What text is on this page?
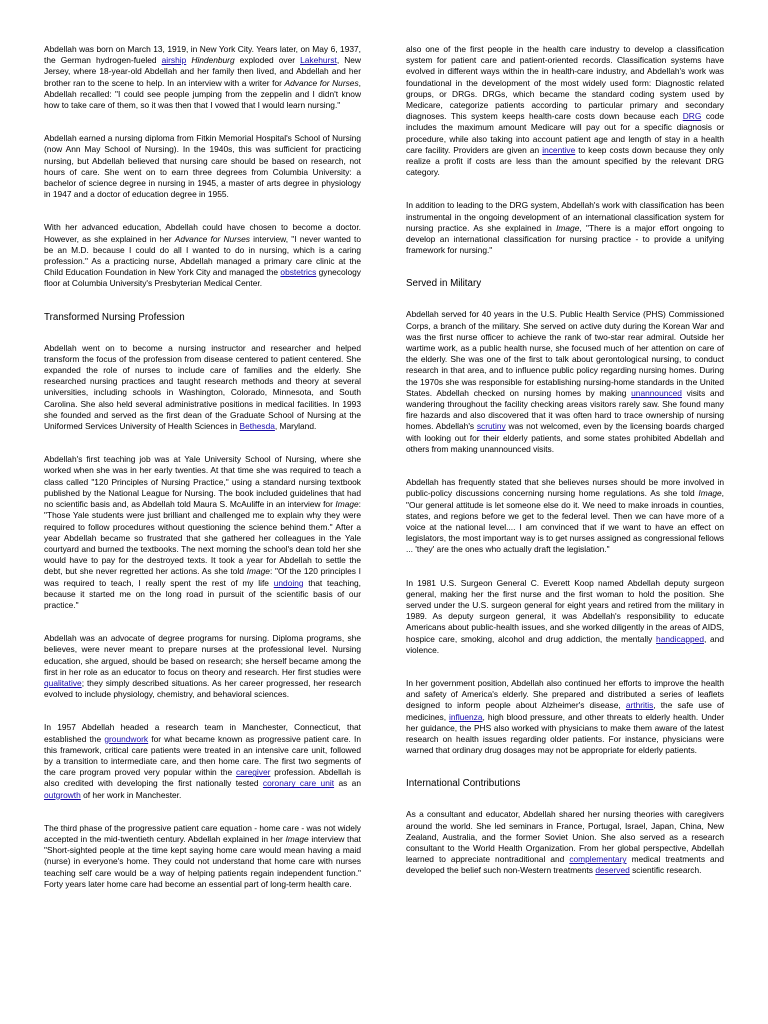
Abdellah was born on March 13, 1919, in New York City. Years later, on May 6, 1937, the German hydrogen-fueled airship Hindenburg exploded over Lakehurst, New Jersey, where 18-year-old Abdellah and her family then lived, and Abdellah and her brother ran to the scene to help. In an interview with a writer for Advance for Nurses, Abdellah recalled: "I could see people jumping from the zeppelin and I didn't know how to take care of them, so it was then that I vowed that I would learn nursing."

Abdellah earned a nursing diploma from Fitkin Memorial Hospital's School of Nursing (now Ann May School of Nursing). In the 1940s, this was sufficient for practicing nursing, but Abdellah believed that nursing care should be based on research, not hours of care. She went on to earn three degrees from Columbia University: a bachelor of science degree in nursing in 1945, a master of arts degree in physiology in 1947 and a doctor of education degree in 1955.

With her advanced education, Abdellah could have chosen to become a doctor. However, as she explained in her Advance for Nurses interview, "I never wanted to be an M.D. because I could do all I wanted to do in nursing, which is a caring profession." As a practicing nurse, Abdellah managed a primary care clinic at the Child Education Foundation in New York City and managed the obstetrics gynecology floor at Columbia University's Presbyterian Medical Center.

Transformed Nursing Profession

Abdellah went on to become a nursing instructor and researcher and helped transform the focus of the profession from disease centered to patient centered. She expanded the role of nurses to include care of families and the elderly. She researched nursing practices and taught research methods and theory at several universities, including schools in Washington, Colorado, Minnesota, and South Carolina. She also held several administrative positions in medical facilities. In 1993 she founded and served as the first dean of the Graduate School of Nursing at the Uniformed Services University of Health Sciences in Bethesda, Maryland.

Abdellah's first teaching job was at Yale University School of Nursing, where she worked when she was in her early twenties. At that time she was required to teach a class called "120 Principles of Nursing Practice," using a standard nursing textbook published by the National League for Nursing. The book included guidelines that had no scientific basis and, as Abdellah told Maura S. McAuliffe in an interview for Image: "Those Yale students were just brilliant and challenged me to explain why they were required to follow procedures without questioning the science behind them." After a year Abdellah became so frustrated that she gathered her colleagues in the Yale courtyard and burned the textbooks. The next morning the school's dean told her she would have to pay for the destroyed texts. It took a year for Abdellah to settle the debt, but she never regretted her actions. As she told Image: "Of the 120 principles I was required to teach, I really spent the rest of my life undoing that teaching, because it started me on the long road in pursuit of the scientific basis of our practice."

Abdellah was an advocate of degree programs for nursing. Diploma programs, she believes, were never meant to prepare nurses at the professional level. Nursing education, she argued, should be based on research; she herself became among the first in her role as an educator to focus on theory and research. Her first studies were qualitative; they simply described situations. As her career progressed, her research evolved to include physiology, chemistry, and behavioral sciences.

In 1957 Abdellah headed a research team in Manchester, Connecticut, that established the groundwork for what became known as progressive patient care. In this framework, critical care patients were treated in an intensive care unit, followed by a transition to intermediate care, and then home care. The first two segments of the care program proved very popular within the caregiver profession. Abdellah is also credited with developing the first nationally tested coronary care unit as an outgrowth of her work in Manchester.

The third phase of the progressive patient care equation - home care - was not widely accepted in the mid-twentieth century. Abdellah explained in her Image interview that "Short-sighted people at the time kept saying home care would mean having a maid (nurse) in everyone's home. They could not understand that home care with nurses teaching self care would be a way of helping patients regain independent function." Forty years later home care had become an essential part of long-term health care.

also one of the first people in the health care industry to develop a classification system for patient care and patient-oriented records. Classification systems have evolved in different ways within the in health-care industry, and Abdellah's work was foundational in the development of the most widely used form: Diagnostic related groups, or DRGs. DRGs, which became the standard coding system used by Medicare, categorize patients according to particular primary and secondary diagnoses. This system keeps health-care costs down because each DRG code includes the maximum amount Medicare will pay out for a specific diagnosis or procedure, while also taking into account patient age and length of stay in a health care facility. Providers are given an incentive to keep costs down because they only realize a profit if costs are less than the amount specified by the relevant DRG category.

In addition to leading to the DRG system, Abdellah's work with classification has been instrumental in the ongoing development of an international classification system for nursing practice. As she explained in Image, "There is a major effort ongoing to develop an international classification for nursing practice - to provide a unifying framework for nursing."

Served in Military

Abdellah served for 40 years in the U.S. Public Health Service (PHS) Commissioned Corps, a branch of the military. She served on active duty during the Korean War and was the first nurse officer to achieve the rank of two-star rear admiral. Outside her wartime work, as a public health nurse, she focused much of her attention on care of the elderly. She was one of the first to talk about gerontological nursing, to conduct research in that area, and to influence public policy regarding nursing homes. During the 1970s she was responsible for establishing nursing-home standards in the United States. Abdellah checked on nursing homes by making unannounced visits and wandering throughout the facility checking areas visitors rarely saw. She found many fire hazards and also discovered that it was often hard to trace ownership of nursing homes. Abdellah's scrutiny was not welcomed, even by the licensing boards charged with looking out for their elderly patients, and some states prohibited Abdellah and others from making unannounced visits.

Abdellah has frequently stated that she believes nurses should be more involved in public-policy discussions concerning nursing home regulations. As she told Image, "Our general attitude is let someone else do it. We need to make inroads in counties, states, and regions before we get to the federal level. Then we can have more of a voice at the national level.... I am convinced that if we want to have an effect on legislators, the most important way is to get nurses assigned as congressional fellows ... 'they' are the ones who actually draft the legislation."

In 1981 U.S. Surgeon General C. Everett Koop named Abdellah deputy surgeon general, making her the first nurse and the first woman to hold the position. She served under the U.S. surgeon general for eight years and retired from the military in 1989. As deputy surgeon general, it was Abdellah's responsibility to educate Americans about public-health issues, and she worked diligently in the areas of AIDS, hospice care, smoking, alcohol and drug addiction, the mentally handicapped, and violence.

In her government position, Abdellah also continued her efforts to improve the health and safety of America's elderly. She prepared and distributed a series of leaflets designed to inform people about Alzheimer's disease, arthritis, the safe use of medicines, influenza, high blood pressure, and other threats to elderly health. Under her guidance, the PHS also worked with physicians to make them aware of the latest research on health issues regarding older patients. For instance, physicians were warned that ordinary drug dosages may not be appropriate for elderly patients.

International Contributions

As a consultant and educator, Abdellah shared her nursing theories with caregivers around the world. She led seminars in France, Portugal, Israel, Japan, China, New Zealand, Australia, and the former Soviet Union. She also served as a research consultant to the World Health Organization. From her global perspective, Abdellah learned to appreciate nontraditional and complementary medical treatments and developed the belief such non-Western treatments deserved scientific research.
